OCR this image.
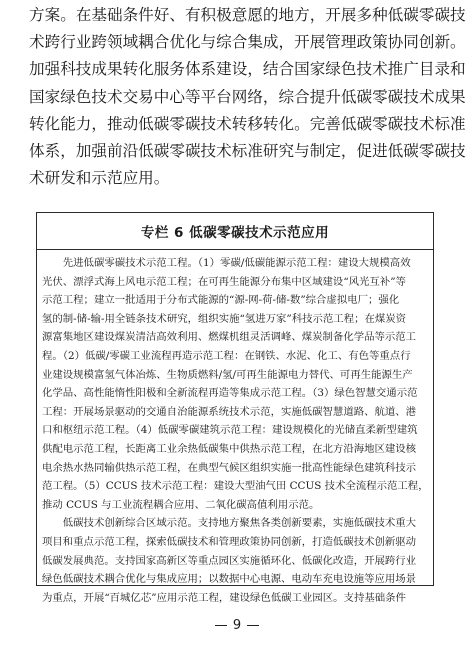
方案。在基础条件好、有积极意愿的地方，开展多种低碳零碳技
术跨行业跨领域耦合优化与综合集成，开展管理政策协同创新。
加强科技成果转化服务体系建设，结合国家绿色技术推广目录和
国家绿色技术交易中心等平台网络，综合提升低碳零碳技术成果
转化能力，推动低碳零碳技术转移转化。完善低碳零碳技术标准
体系，加强前沿低碳零碳技术标准研究与制定，促进低碳零碳技
术研发和示范应用。
专栏 6 低碳零碳技术示范应用
　　先进低碳零碳技术示范工程。（1）零碳/低碳能源示范工程：建设大规模高效
光伏、漂浮式海上风电示范工程；在可再生能源分布集中区域建设“风光互补”等
示范工程；建立一批适用于分布式能源的“源-网-荷-储-数”综合虚拟电厂；强化
氢的制-储-输-用全链条技术研究，组织实施“氢进万家”科技示范工程；在煤炭资
源富集地区建设煤炭清洁高效利用、燃煤机组灵活调峰、煤炭制备化学品等示范工
程。（2）低碳/零碳工业流程再造示范工程：在钢铁、水泥、化工、有色等重点行
业建设规模富氢气体冶炼、生物质燃料/氢/可再生能源电力替代、可再生能源生产
化学品、高性能惰性阳极和全新流程再造等集成示范工程。（3）绿色智慧交通示范
工程：开展场景驱动的交通自治能源系统技术示范，实施低碳智慧道路、航道、港
口和枢纽示范工程。（4）低碳零碳建筑示范工程：建设规模化的光储直柔新型建筑
供配电示范工程，长距离工业余热低碳集中供热示范工程，在北方沿海地区建设核
电余热水热同输供热示范工程，在典型气候区组织实施一批高性能绿色建筑科技示
范工程。（5）CCUS 技术示范工程：建设大型油气田 CCUS 技术全流程示范工程，
推动 CCUS 与工业流程耦合应用、二氧化碳高值利用示范。
　　低碳技术创新综合区域示范。支持地方聚焦各类创新要素，实施低碳技术重大
项目和重点示范工程，探索低碳技术和管理政策协同创新，打造低碳技术创新驱动
低碳发展典范。支持国家高新区等重点园区实施循环化、低碳化改造，开展跨行业
绿色低碳技术耦合优化与集成应用；以数据中心电源、电动车充电设施等应用场景
为重点，开展“百城亿芯”应用示范工程，建设绿色低碳工业园区。支持基础条件
9
